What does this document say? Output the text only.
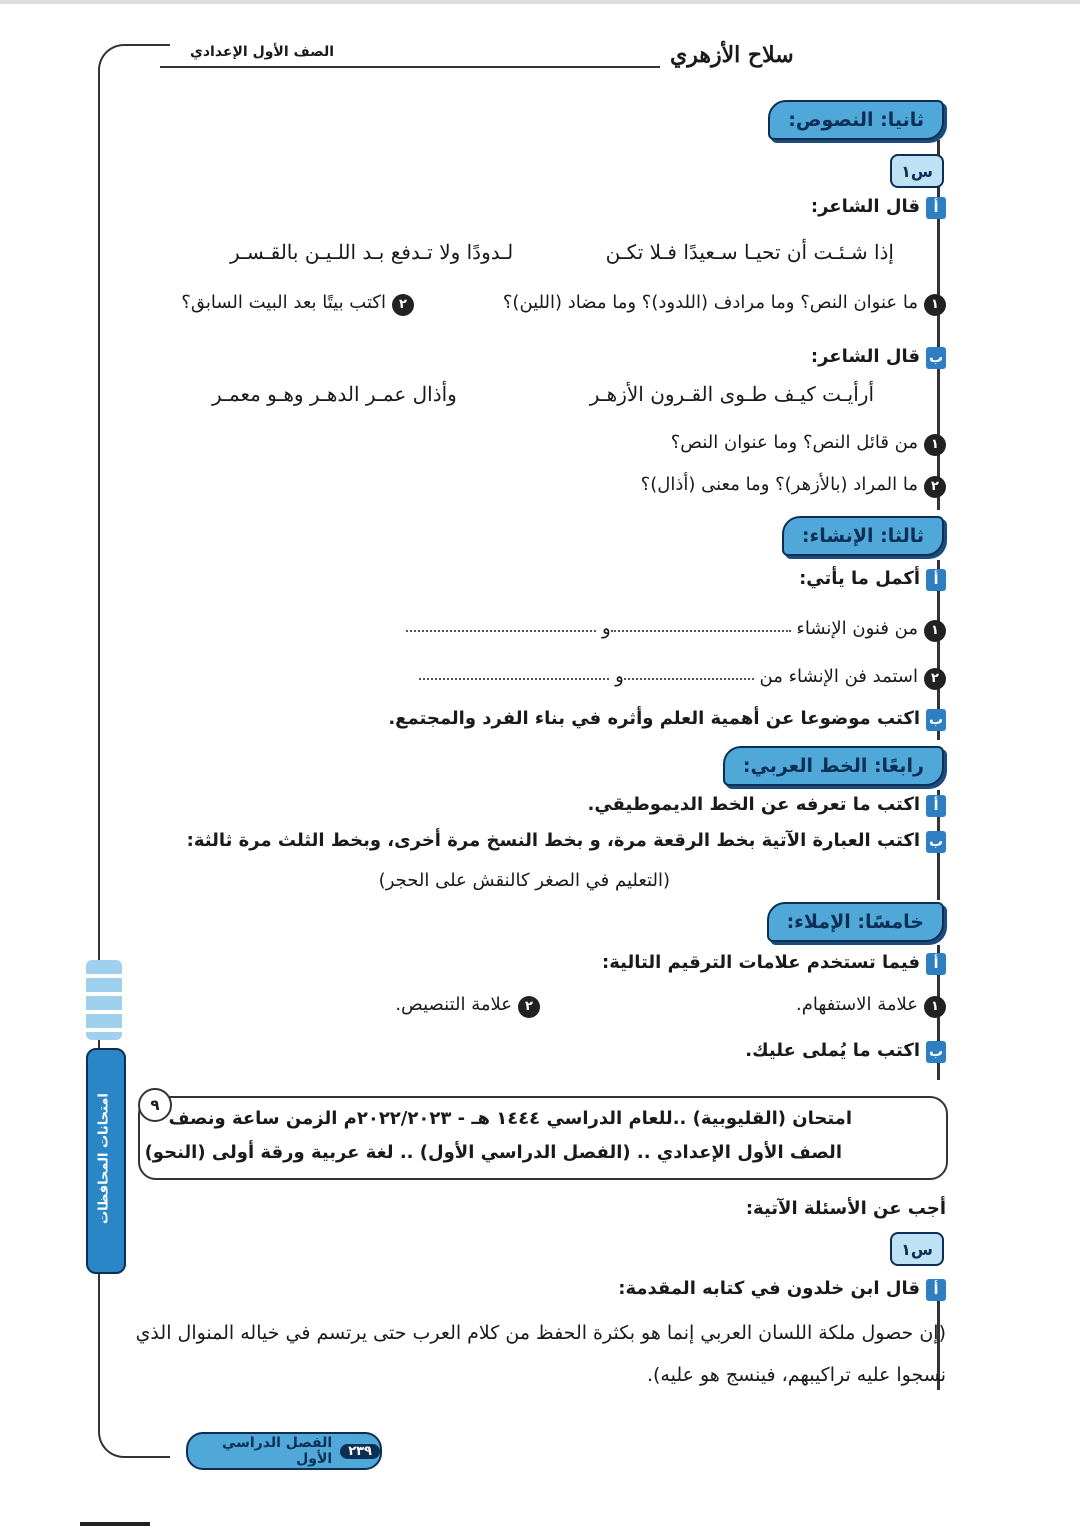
الصف الأول الإعدادي	سلاح الأزهري
ثانيا: النصوص:
س١
أقال الشاعر:
إذا شـئـت أن تحيـا سـعيدًا فـلا تكـن
لـدودًا ولا تـدفع بـد اللـيـن بالقـسـر
١ما عنوان النص؟ وما مرادف (اللدود)؟ وما مضاد (اللين)؟
٢اكتب بيتًا بعد البيت السابق؟
بقال الشاعر:
أرأيـت كيـف طـوى القـرون الأزهـر
وأذال عمـر الدهـر وهـو معمـر
١من قائل النص؟ وما عنوان النص؟
٢ما المراد (بالأزهر)؟ وما معنى (أذال)؟
ثالثا: الإنشاء:
أأكمل ما يأتي:
١من فنون الإنشاء و
٢استمد فن الإنشاء من و
باكتب موضوعا عن أهمية العلم وأثره في بناء الفرد والمجتمع.
رابعًا: الخط العربي:
أاكتب ما تعرفه عن الخط الديموطيقي.
باكتب العبارة الآتية بخط الرقعة مرة، و بخط النسخ مرة أخرى، وبخط الثلث مرة ثالثة:
(التعليم في الصغر كالنقش على الحجر)
خامسًا: الإملاء:
أفيما تستخدم علامات الترقيم التالية:
١علامة الاستفهام.
٢علامة التنصيص.
باكتب ما يُملى عليك.
٩
امتحان (القليوبية) ..للعام الدراسي ١٤٤٤ هـ - ٢٠٢٢/٢٠٢٣م الزمن ساعة ونصف
الصف الأول الإعدادي .. (الفصل الدراسي الأول) .. لغة عربية ورقة أولى (النحو)
أجب عن الأسئلة الآتية:
س١
أقال ابن خلدون في كتابه المقدمة:
(إن حصول ملكة اللسان العربي إنما هو بكثرة الحفظ من كلام العرب حتى يرتسم في خياله المنوال الذي
نسجوا عليه تراكيبهم، فينسج هو عليه).
امتحانات المحافظات
٢٣٩
الفصل الدراسي الأول
